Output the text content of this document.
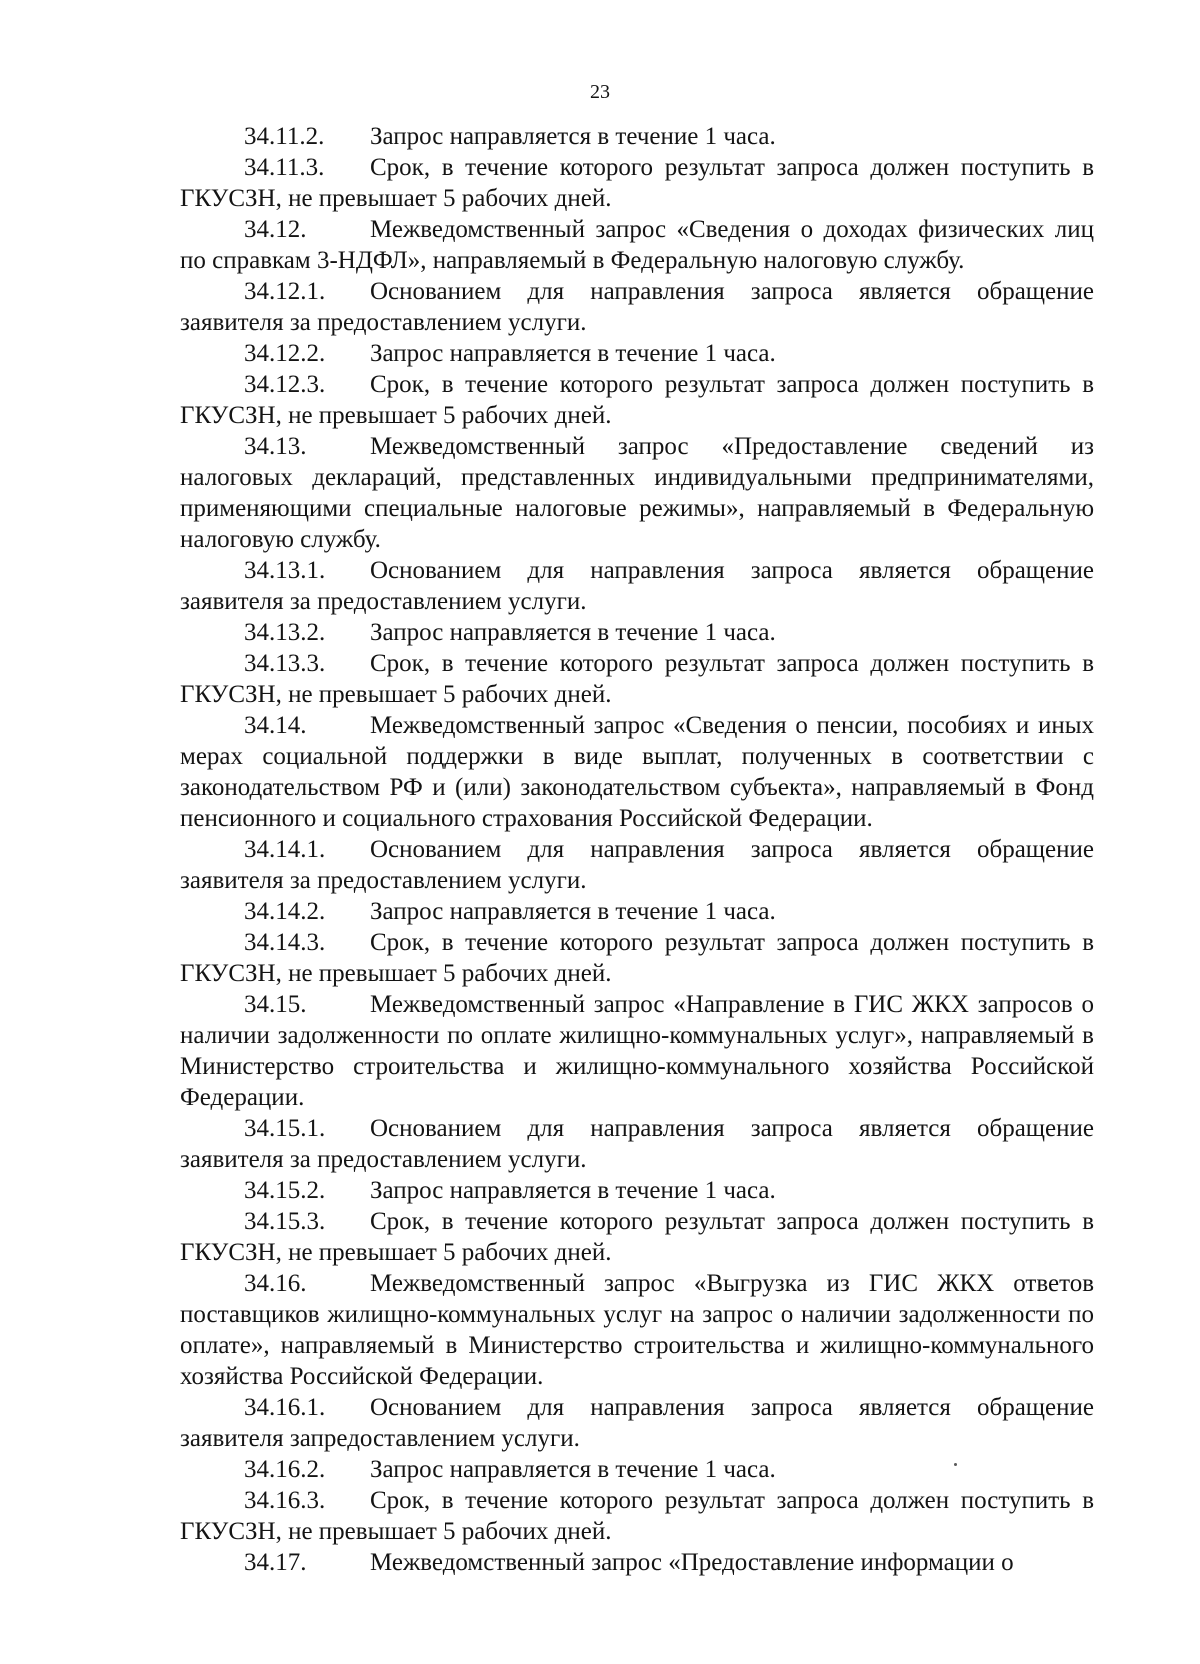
23

34.11.2. Запрос направляется в течение 1 часа.

34.11.3. Срок, в течение которого результат запроса должен поступить в ГКУСЗН, не превышает 5 рабочих дней.

34.12.	Межведомственный запрос «Сведения о доходах физических лиц по справкам 3-НДФЛ», направляемый в Федеральную налоговую службу.

34.12.1. Основанием для направления запроса является обращение заявителя за предоставлением услуги.

34.12.2. Запрос направляется в течение 1 часа.

34.12.3. Срок, в течение которого результат запроса должен поступить в ГКУСЗН, не превышает 5 рабочих дней.

34.13.	Межведомственный запрос «Предоставление сведений из налоговых деклараций, представленных индивидуальными предпринимателями, применяющими специальные налоговые режимы», направляемый в Федеральную налоговую службу.

34.13.1. Основанием для направления запроса является обращение заявителя за предоставлением услуги.

34.13.2. Запрос направляется в течение 1 часа.

34.13.3. Срок, в течение которого результат запроса должен поступить в ГКУСЗН, не превышает 5 рабочих дней.

34.14.	Межведомственный запрос «Сведения о пенсии, пособиях и иных мерах социальной поддержки в виде выплат, полученных в соответствии с законодательством РФ и (или) законодательством субъекта», направляемый в Фонд пенсионного и социального страхования Российской Федерации.

34.14.1. Основанием для направления запроса является обращение заявителя за предоставлением услуги.

34.14.2. Запрос направляется в течение 1 часа.

34.14.3. Срок, в течение которого результат запроса должен поступить в ГКУСЗН, не превышает 5 рабочих дней.

34.15.	Межведомственный запрос «Направление в ГИС ЖКХ запросов о наличии задолженности по оплате жилищно-коммунальных услуг», направляемый в Министерство строительства и жилищно-коммунального хозяйства Российской Федерации.

34.15.1. Основанием для направления запроса является обращение заявителя за предоставлением услуги.

34.15.2. Запрос направляется в течение 1 часа.

34.15.3. Срок, в течение которого результат запроса должен поступить в ГКУСЗН, не превышает 5 рабочих дней.

34.16.	Межведомственный запрос «Выгрузка из ГИС ЖКХ ответов поставщиков жилищно-коммунальных услуг на запрос о наличии задолженности по оплате», направляемый в Министерство строительства и жилищно-коммунального хозяйства Российской Федерации.

34.16.1. Основанием для направления запроса является обращение заявителя запредоставлением услуги.

34.16.2. Запрос направляется в течение 1 часа.

34.16.3. Срок, в течение которого результат запроса должен поступить в ГКУСЗН, не превышает 5 рабочих дней.

34.17.	Межведомственный запрос «Предоставление информации о
